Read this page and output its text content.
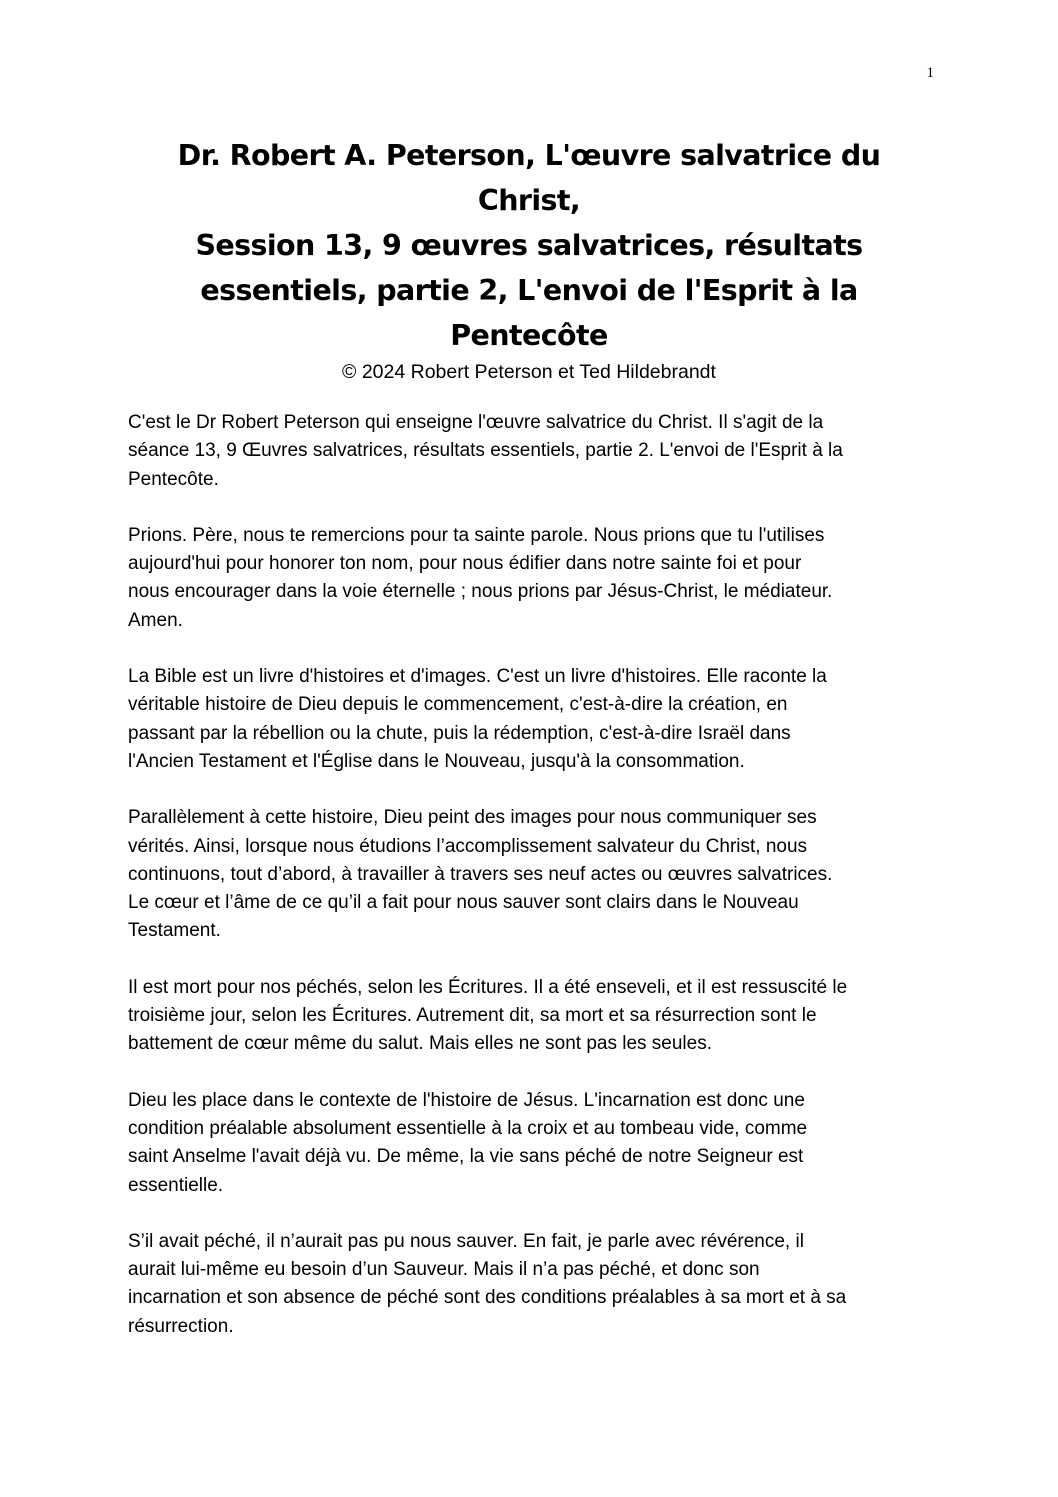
1
Dr. Robert A. Peterson, L'œuvre salvatrice du
Christ,
Session 13, 9 œuvres salvatrices, résultats
essentiels, partie 2, L'envoi de l'Esprit à la
Pentecôte
© 2024 Robert Peterson et Ted Hildebrandt

C'est le Dr Robert Peterson qui enseigne l'œuvre salvatrice du Christ. Il s'agit de la
séance 13, 9 Œuvres salvatrices, résultats essentiels, partie 2. L'envoi de l'Esprit à la
Pentecôte.

Prions. Père, nous te remercions pour ta sainte parole. Nous prions que tu l'utilises
aujourd'hui pour honorer ton nom, pour nous édifier dans notre sainte foi et pour
nous encourager dans la voie éternelle ; nous prions par Jésus-Christ, le médiateur.
Amen.

La Bible est un livre d'histoires et d'images. C'est un livre d'histoires. Elle raconte la
véritable histoire de Dieu depuis le commencement, c'est-à-dire la création, en
passant par la rébellion ou la chute, puis la rédemption, c'est-à-dire Israël dans
l'Ancien Testament et l'Église dans le Nouveau, jusqu'à la consommation.

Parallèlement à cette histoire, Dieu peint des images pour nous communiquer ses
vérités. Ainsi, lorsque nous étudions l’accomplissement salvateur du Christ, nous
continuons, tout d’abord, à travailler à travers ses neuf actes ou œuvres salvatrices.
Le cœur et l’âme de ce qu’il a fait pour nous sauver sont clairs dans le Nouveau
Testament.

Il est mort pour nos péchés, selon les Écritures. Il a été enseveli, et il est ressuscité le
troisième jour, selon les Écritures. Autrement dit, sa mort et sa résurrection sont le
battement de cœur même du salut. Mais elles ne sont pas les seules.

Dieu les place dans le contexte de l'histoire de Jésus. L'incarnation est donc une
condition préalable absolument essentielle à la croix et au tombeau vide, comme
saint Anselme l'avait déjà vu. De même, la vie sans péché de notre Seigneur est
essentielle.

S’il avait péché, il n’aurait pas pu nous sauver. En fait, je parle avec révérence, il
aurait lui-même eu besoin d’un Sauveur. Mais il n’a pas péché, et donc son
incarnation et son absence de péché sont des conditions préalables à sa mort et à sa
résurrection.
